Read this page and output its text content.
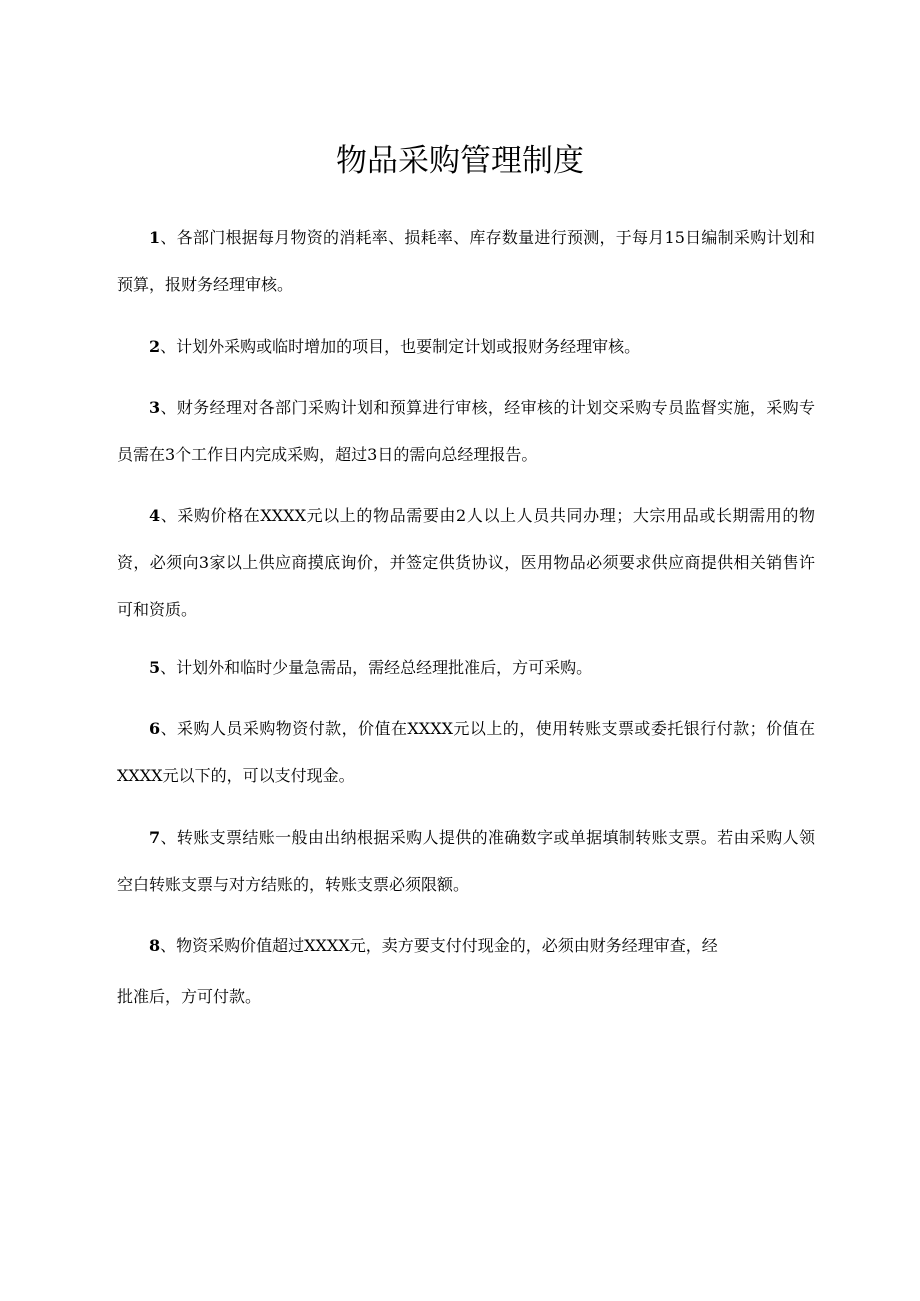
物品采购管理制度

1、各部门根据每月物资的消耗率、损耗率、库存数量进行预测，于每月15日编制采购计划和预算，报财务经理审核。

2、计划外采购或临时增加的项目，也要制定计划或报财务经理审核。

3、财务经理对各部门采购计划和预算进行审核，经审核的计划交采购专员监督实施，采购专员需在3个工作日内完成采购，超过3日的需向总经理报告。

4、采购价格在XXXX元以上的物品需要由2人以上人员共同办理；大宗用品或长期需用的物资，必须向3家以上供应商摸底询价，并签定供货协议，医用物品必须要求供应商提供相关销售许可和资质。

5、计划外和临时少量急需品，需经总经理批准后，方可采购。

6、采购人员采购物资付款，价值在XXXX元以上的，使用转账支票或委托银行付款；价值在XXXX元以下的，可以支付现金。

7、转账支票结账一般由出纳根据采购人提供的准确数字或单据填制转账支票。若由采购人领空白转账支票与对方结账的，转账支票必须限额。

8、物资采购价值超过XXXX元，卖方要支付付现金的，必须由财务经理审查，经

批准后，方可付款。
